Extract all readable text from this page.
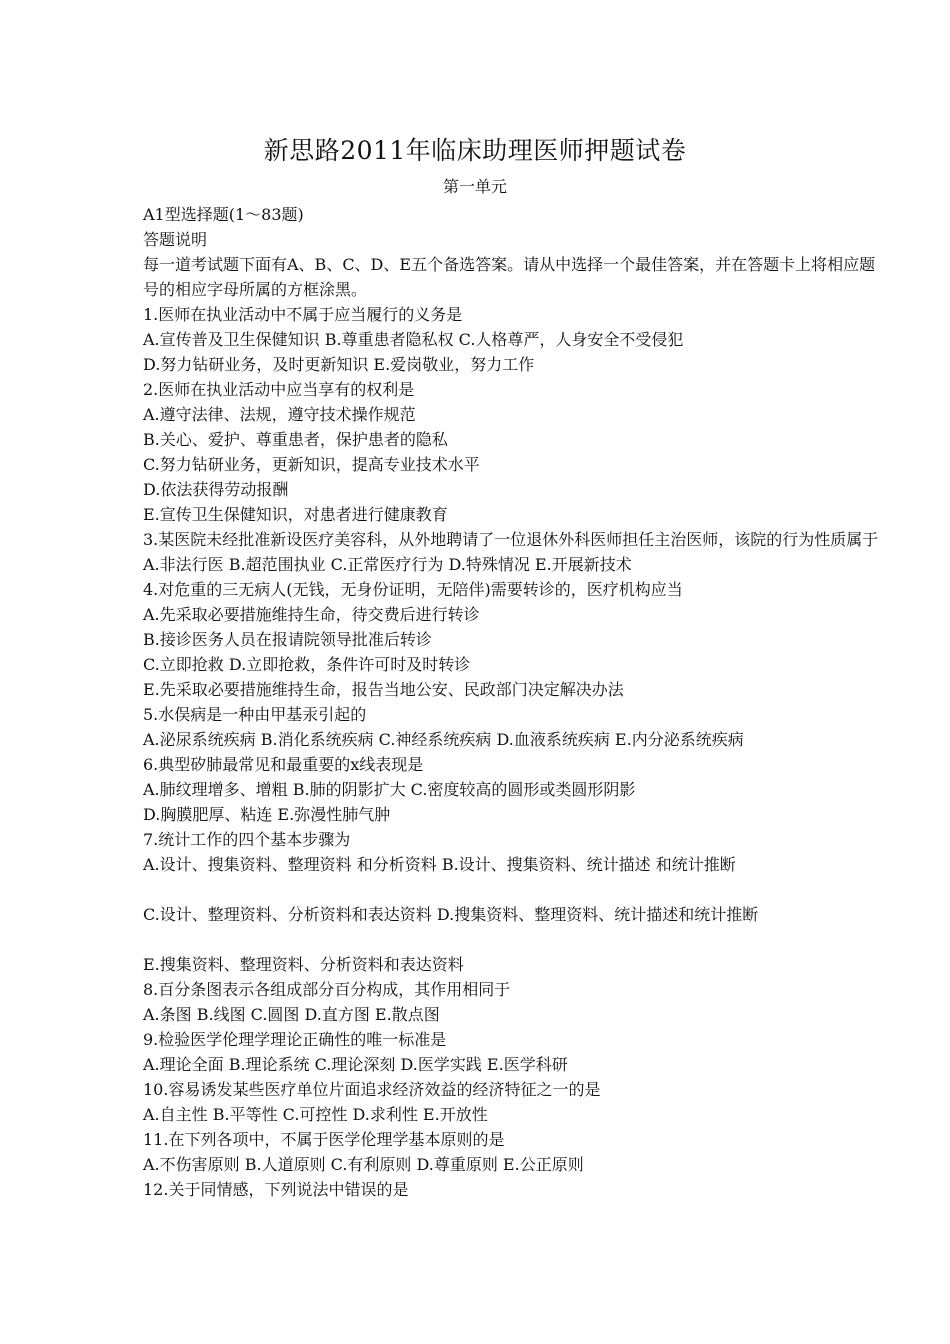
新思路2011年临床助理医师押题试卷
第一单元
A1型选择题(1～83题)
答题说明
每一道考试题下面有A、B、C、D、E五个备选答案。请从中选择一个最佳答案，并在答题卡上将相应题号的相应字母所属的方框涂黑。
1.医师在执业活动中不属于应当履行的义务是
A.宣传普及卫生保健知识 B.尊重患者隐私权 C.人格尊严，人身安全不受侵犯
D.努力钻研业务，及时更新知识 E.爱岗敬业，努力工作
2.医师在执业活动中应当享有的权利是
A.遵守法律、法规，遵守技术操作规范
B.关心、爱护、尊重患者，保护患者的隐私
C.努力钻研业务，更新知识，提高专业技术水平
D.依法获得劳动报酬
E.宣传卫生保健知识，对患者进行健康教育
3.某医院未经批准新设医疗美容科，从外地聘请了一位退休外科医师担任主治医师，该院的行为性质属于
A.非法行医 B.超范围执业 C.正常医疗行为 D.特殊情况 E.开展新技术
4.对危重的三无病人(无钱，无身份证明，无陪伴)需要转诊的，医疗机构应当
A.先采取必要措施维持生命，待交费后进行转诊
B.接诊医务人员在报请院领导批准后转诊
C.立即抢救 D.立即抢救，条件许可时及时转诊
E.先采取必要措施维持生命，报告当地公安、民政部门决定解决办法
5.水俣病是一种由甲基汞引起的
A.泌尿系统疾病 B.消化系统疾病 C.神经系统疾病 D.血液系统疾病 E.内分泌系统疾病
6.典型矽肺最常见和最重要的x线表现是
A.肺纹理增多、增粗 B.肺的阴影扩大 C.密度较高的圆形或类圆形阴影
D.胸膜肥厚、粘连 E.弥漫性肺气肿
7.统计工作的四个基本步骤为
A.设计、搜集资料、整理资料 和分析资料 B.设计、搜集资料、统计描述 和统计推断
C.设计、整理资料、分析资料和表达资料 D.搜集资料、整理资料、统计描述和统计推断
E.搜集资料、整理资料、分析资料和表达资料
8.百分条图表示各组成部分百分构成，其作用相同于
A.条图 B.线图 C.圆图 D.直方图 E.散点图
9.检验医学伦理学理论正确性的唯一标准是
A.理论全面 B.理论系统 C.理论深刻 D.医学实践 E.医学科研
10.容易诱发某些医疗单位片面追求经济效益的经济特征之一的是
A.自主性 B.平等性 C.可控性 D.求利性 E.开放性
11.在下列各项中，不属于医学伦理学基本原则的是
A.不伤害原则 B.人道原则 C.有利原则 D.尊重原则 E.公正原则
12.关于同情感，下列说法中错误的是
